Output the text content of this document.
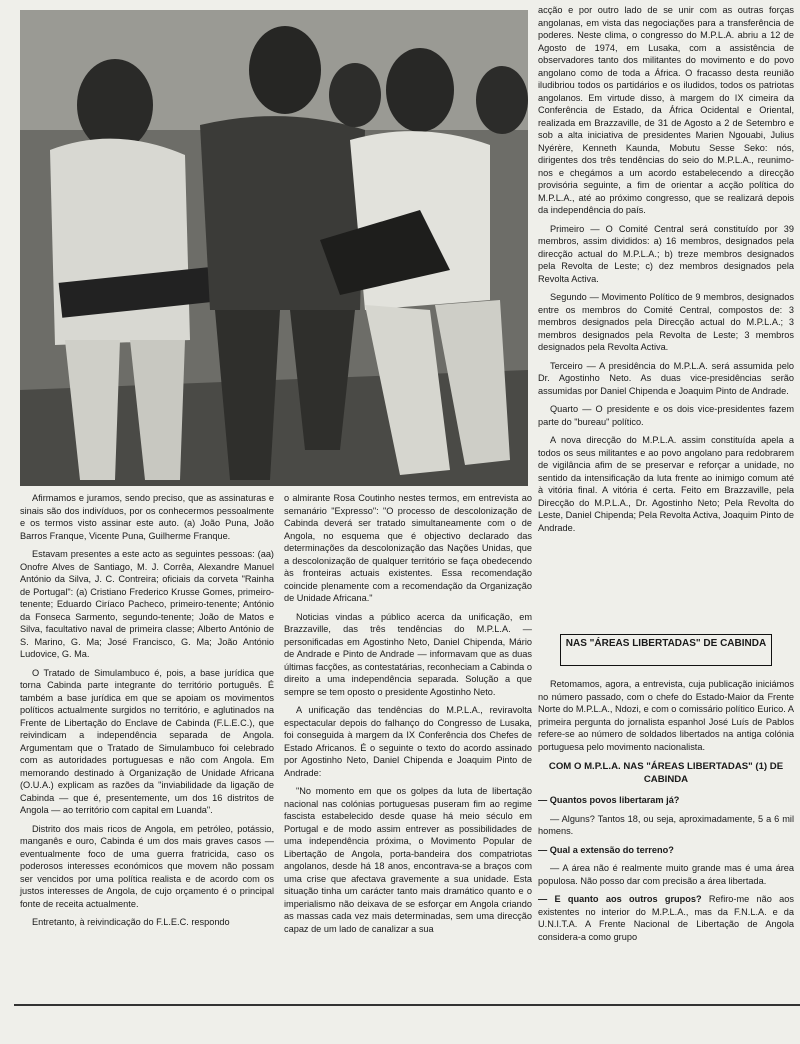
acção e por outro lado de se unir com as outras forças angolanas, em vista das negociações para a transferência de poderes. Neste clima, o congresso do M.P.L.A. abriu a 12 de Agosto de 1974, em Lusaka, com a assistência de observadores tanto dos militantes do movimento e do povo angolano como de toda a África. O fracasso desta reunião iludibriou todos os partidários e os iludidos, todos os patriotas angolanos. Em virtude disso, à margem do IX cimeira da Conferência de Estado, da África Ocidental e Oriental, realizada em Brazzaville, de 31 de Agosto a 2 de Setembro e sob a alta iniciativa de presidentes Marien Ngouabi, Julius Nyérère, Kenneth Kaunda, Mobutu Sesse Seko: nós, dirigentes dos três tendências do seio do M.P.L.A., reunimo-nos e chegámos a um acordo estabelecendo a direcção provisória seguinte, a fim de orientar a acção política do M.P.L.A., até ao próximo congresso, que se realizará depois da independência do país.

Primeiro — O Comité Central será constituído por 39 membros, assim divididos: a) 16 membros, designados pela direcção actual do M.P.L.A.; b) treze membros designados pela Revolta de Leste; c) dez membros designados pela Revolta Activa.

Segundo — Movimento Político de 9 membros, designados entre os membros do Comité Central, compostos de: 3 membros designados pela Direcção actual do M.P.L.A.; 3 membros designados pela Revolta de Leste; 3 membros designados pela Revolta Activa.

Terceiro — A presidência do M.P.L.A. será assumida pelo Dr. Agostinho Neto. As duas vice-presidências serão assumidas por Daniel Chipenda e Joaquim Pinto de Andrade.

Quarto — O presidente e os dois vice-presidentes fazem parte do "bureau" político.

A nova direcção do M.P.L.A. assim constituída apela a todos os seus militantes e ao povo angolano para redobrarem de vigilância afim de se preservar e reforçar a unidade, no sentido da intensificação da luta frente ao inimigo comum até à vitória final. A vitória é certa. Feito em Brazzaville, pela Direcção do M.P.L.A., Dr. Agostinho Neto; Pela Revolta do Leste, Daniel Chipenda; Pela Revolta Activa, Joaquim Pinto de Andrade.

NAS "ÁREAS LIBERTADAS" DE CABINDA

Retomamos, agora, a entrevista, cuja publicação iniciámos no número passado, com o chefe do Estado-Maior da Frente Norte do M.P.L.A., Ndozi, e com o comissário político Eurico. A primeira pergunta do jornalista espanhol José Luís de Pablos refere-se ao número de soldados libertados na antiga colónia portuguesa pelo movimento nacionalista.

COM O M.P.L.A. NAS "ÁREAS LIBERTADAS" (1) DE CABINDA

— Quantos povos libertaram já?

— Alguns? Tantos 18, ou seja, aproximadamente, 5 a 6 mil homens.

— Qual a extensão do terreno?

— A área não é realmente muito grande mas é uma área populosa. Não posso dar com precisão a área libertada.

— E quanto aos outros grupos? Refiro-me não aos existentes no interior do M.P.L.A., mas da F.N.L.A. e da U.N.I.T.A. A Frente Nacional de Libertação de Angola considera-a como grupo

Afirmamos e juramos, sendo preciso, que as assinaturas e sinais são dos indivíduos, por os conhecermos pessoalmente e os termos visto assinar este auto. (a) João Puna, João Barros Franque, Vicente Puna, Guilherme Franque.

Estavam presentes a este acto as seguintes pessoas: (aa) Onofre Alves de Santiago, M. J. Corrêa, Alexandre Manuel António da Silva, J. C. Contreira; oficiais da corveta "Rainha de Portugal": (a) Cristiano Frederico Krusse Gomes, primeiro-tenente; Eduardo Ciríaco Pacheco, primeiro-tenente; António da Fonseca Sarmento, segundo-tenente; João de Matos e Silva, facultativo naval de primeira classe; Alberto António de S. Marino, G. Ma; José Francisco, G. Ma; João António Ludovice, G. Ma.

O Tratado de Simulambuco é, pois, a base jurídica que torna Cabinda parte integrante do território português. É também a base jurídica em que se apoiam os movimentos políticos actualmente surgidos no território, e aglutinados na Frente de Libertação do Enclave de Cabinda (F.L.E.C.), que reivindicam a independência separada de Angola. Argumentam que o Tratado de Simulambuco foi celebrado com as autoridades portuguesas e não com Angola. Em memorando destinado à Organização de Unidade Africana (O.U.A.) explicam as razões da "inviabilidade da ligação de Cabinda — que é, presentemente, um dos 16 distritos de Angola — ao território com capital em Luanda".

Distrito dos mais ricos de Angola, em petróleo, potássio, manganês e ouro, Cabinda é um dos mais graves casos — eventualmente foco de uma guerra fratricida, caso os poderosos interesses económicos que movem não possam ser vencidos por uma política realista e de acordo com os justos interesses de Angola, de cujo orçamento é o principal fonte de receita actualmente.

Entretanto, à reivindicação do F.L.E.C. respondo

o almirante Rosa Coutinho nestes termos, em entrevista ao semanário "Expresso": "O processo de descolonização de Cabinda deverá ser tratado simultaneamente com o de Angola, no esquema que é objectivo declarado das determinações da descolonização das Nações Unidas, que a descolonização de qualquer território se faça obedecendo às fronteiras actuais existentes. Essa recomendação coincide plenamente com a recomendação da Organização de Unidade Africana."

Noticias vindas a público acerca da unificação, em Brazzaville, das três tendências do M.P.L.A. — personificadas em Agostinho Neto, Daniel Chipenda, Mário de Andrade e Pinto de Andrade — informavam que as duas últimas facções, as contestatárias, reconheciam a Cabinda o direito a uma independência separada. Solução a que sempre se tem oposto o presidente Agostinho Neto.

A unificação das tendências do M.P.L.A., reviravolta espectacular depois do falhanço do Congresso de Lusaka, foi conseguida à margem da IX Conferência dos Chefes de Estado Africanos. É o seguinte o texto do acordo assinado por Agostinho Neto, Daniel Chipenda e Joaquim Pinto de Andrade:

"No momento em que os golpes da luta de libertação nacional nas colónias portuguesas puseram fim ao regime fascista estabelecido desde quase há meio século em Portugal e de modo assim entrever as possibilidades de uma independência próxima, o Movimento Popular de Libertação de Angola, porta-bandeira dos compatriotas angolanos, desde há 18 anos, encontrava-se a braços com uma crise que afectava gravemente a sua unidade. Esta situação tinha um carácter tanto mais dramático quanto e o imperialismo não deixava de se esforçar em Angola criando as massas cada vez mais determinadas, sem uma direcção capaz de um lado de canalizar a sua
